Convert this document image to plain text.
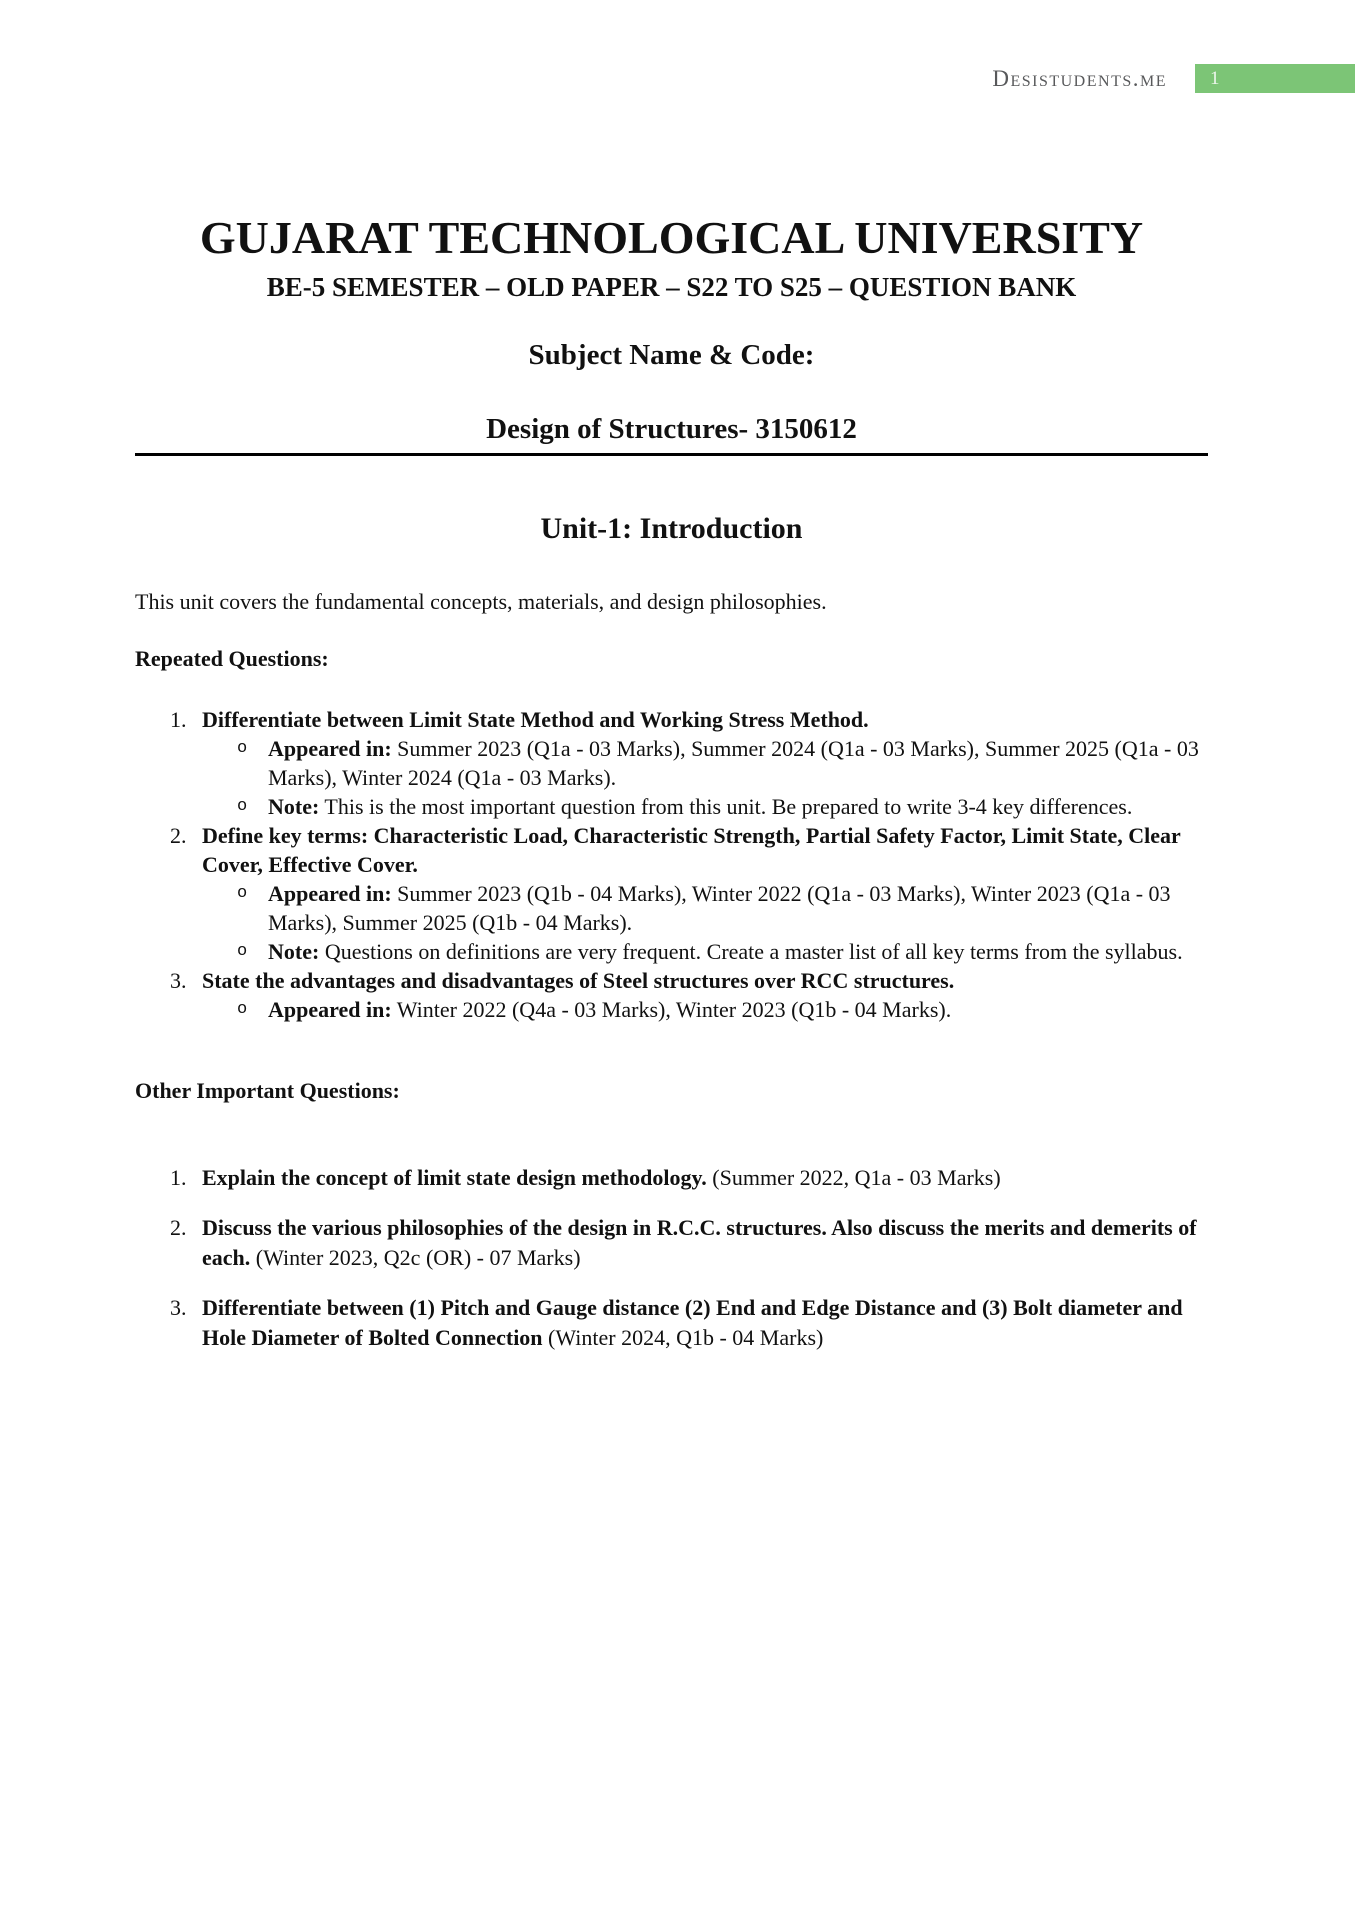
Desistudents.me	1
GUJARAT TECHNOLOGICAL UNIVERSITY
BE-5 SEMESTER – OLD PAPER – S22 TO S25 – QUESTION BANK
Subject Name & Code:
Design of Structures- 3150612
Unit-1: Introduction
This unit covers the fundamental concepts, materials, and design philosophies.
Repeated Questions:
1. Differentiate between Limit State Method and Working Stress Method.
o Appeared in: Summer 2023 (Q1a - 03 Marks), Summer 2024 (Q1a - 03 Marks), Summer 2025 (Q1a - 03 Marks), Winter 2024 (Q1a - 03 Marks).
o Note: This is the most important question from this unit. Be prepared to write 3-4 key differences.
2. Define key terms: Characteristic Load, Characteristic Strength, Partial Safety Factor, Limit State, Clear Cover, Effective Cover.
o Appeared in: Summer 2023 (Q1b - 04 Marks), Winter 2022 (Q1a - 03 Marks), Winter 2023 (Q1a - 03 Marks), Summer 2025 (Q1b - 04 Marks).
o Note: Questions on definitions are very frequent. Create a master list of all key terms from the syllabus.
3. State the advantages and disadvantages of Steel structures over RCC structures.
o Appeared in: Winter 2022 (Q4a - 03 Marks), Winter 2023 (Q1b - 04 Marks).
Other Important Questions:
1. Explain the concept of limit state design methodology. (Summer 2022, Q1a - 03 Marks)
2. Discuss the various philosophies of the design in R.C.C. structures. Also discuss the merits and demerits of each. (Winter 2023, Q2c (OR) - 07 Marks)
3. Differentiate between (1) Pitch and Gauge distance (2) End and Edge Distance and (3) Bolt diameter and Hole Diameter of Bolted Connection (Winter 2024, Q1b - 04 Marks)
